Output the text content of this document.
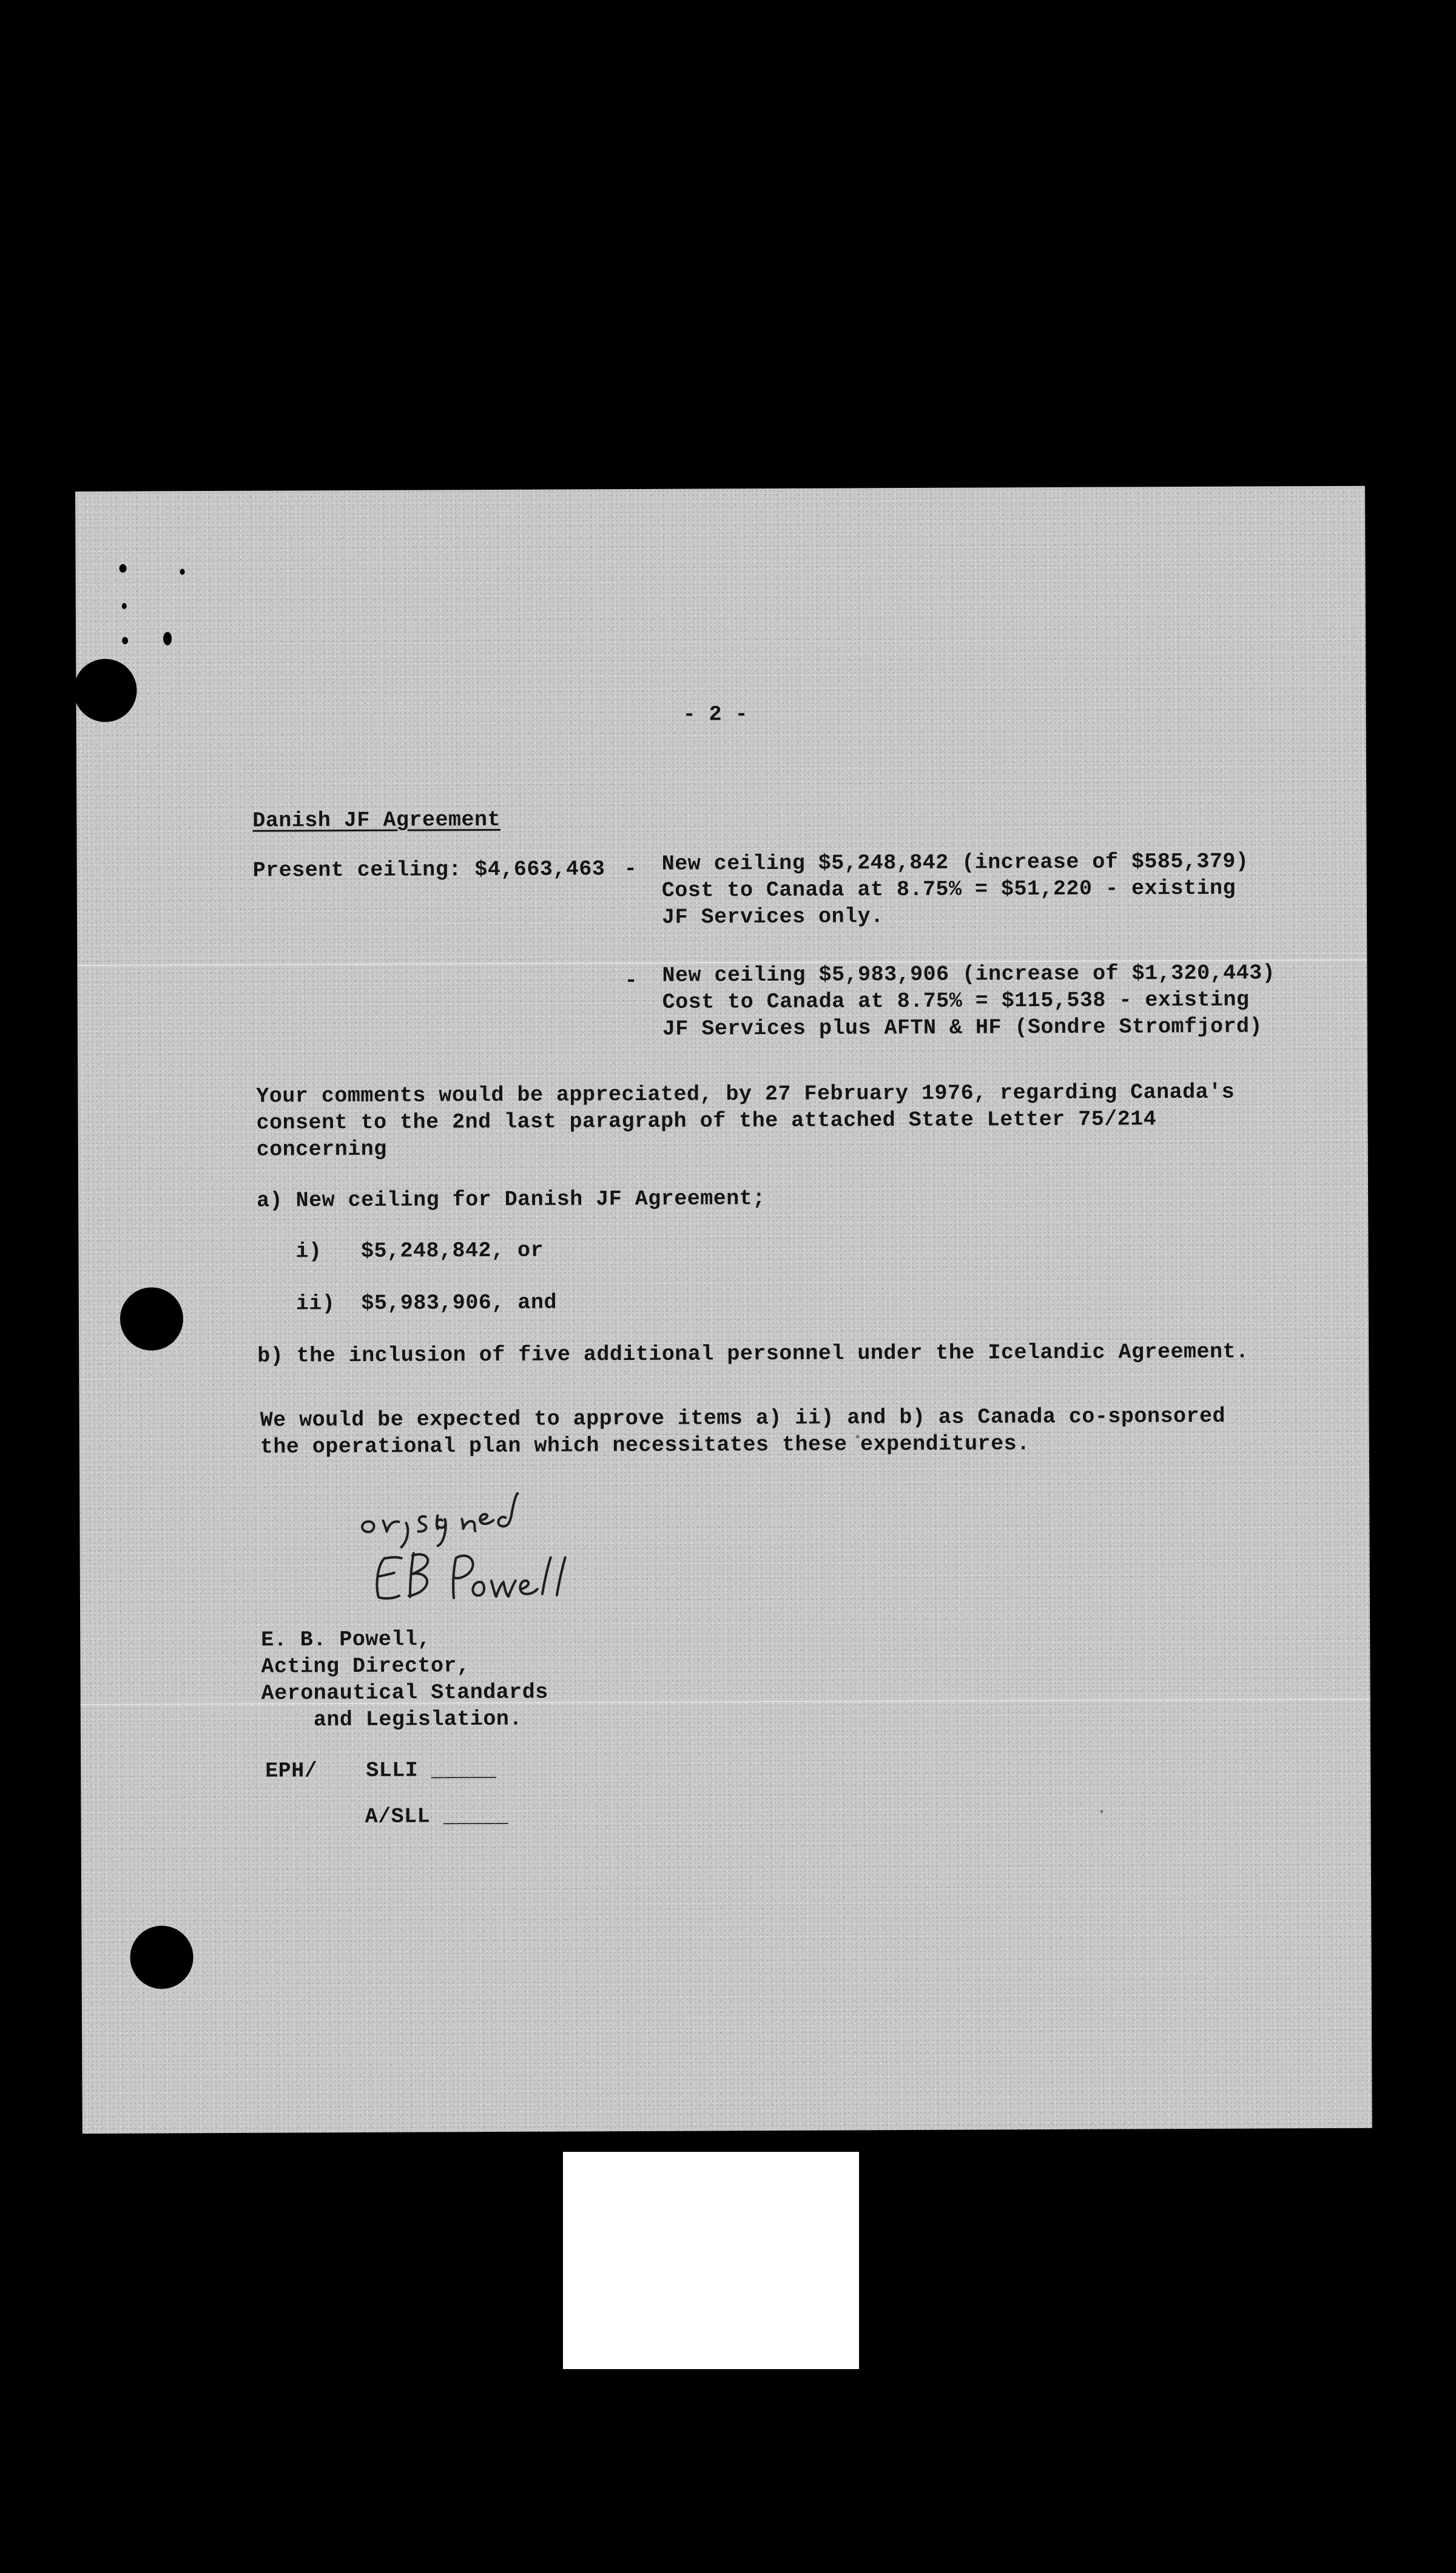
- 2 -
Danish JF Agreement
Present ceiling: $4,663,463 - New ceiling $5,248,842 (increase of $585,379)
Cost to Canada at 8.75% = $51,220 - existing
JF Services only.
- New ceiling $5,983,906 (increase of $1,320,443)
Cost to Canada at 8.75% = $115,538 - existing
JF Services plus AFTN & HF (Sondre Stromfjord)
Your comments would be appreciated, by 27 February 1976, regarding Canada's
consent to the 2nd last paragraph of the attached State Letter 75/214
concerning
a) New ceiling for Danish JF Agreement;
i)   $5,248,842, or
ii)  $5,983,906, and
b) the inclusion of five additional personnel under the Icelandic Agreement.
We would be expected to approve items a) ii) and b) as Canada co-sponsored
the operational plan which necessitates these expenditures.
E. B. Powell,
Acting Director,
Aeronautical Standards
and Legislation.
EPH/ SLLI _____
A/SLL _____
